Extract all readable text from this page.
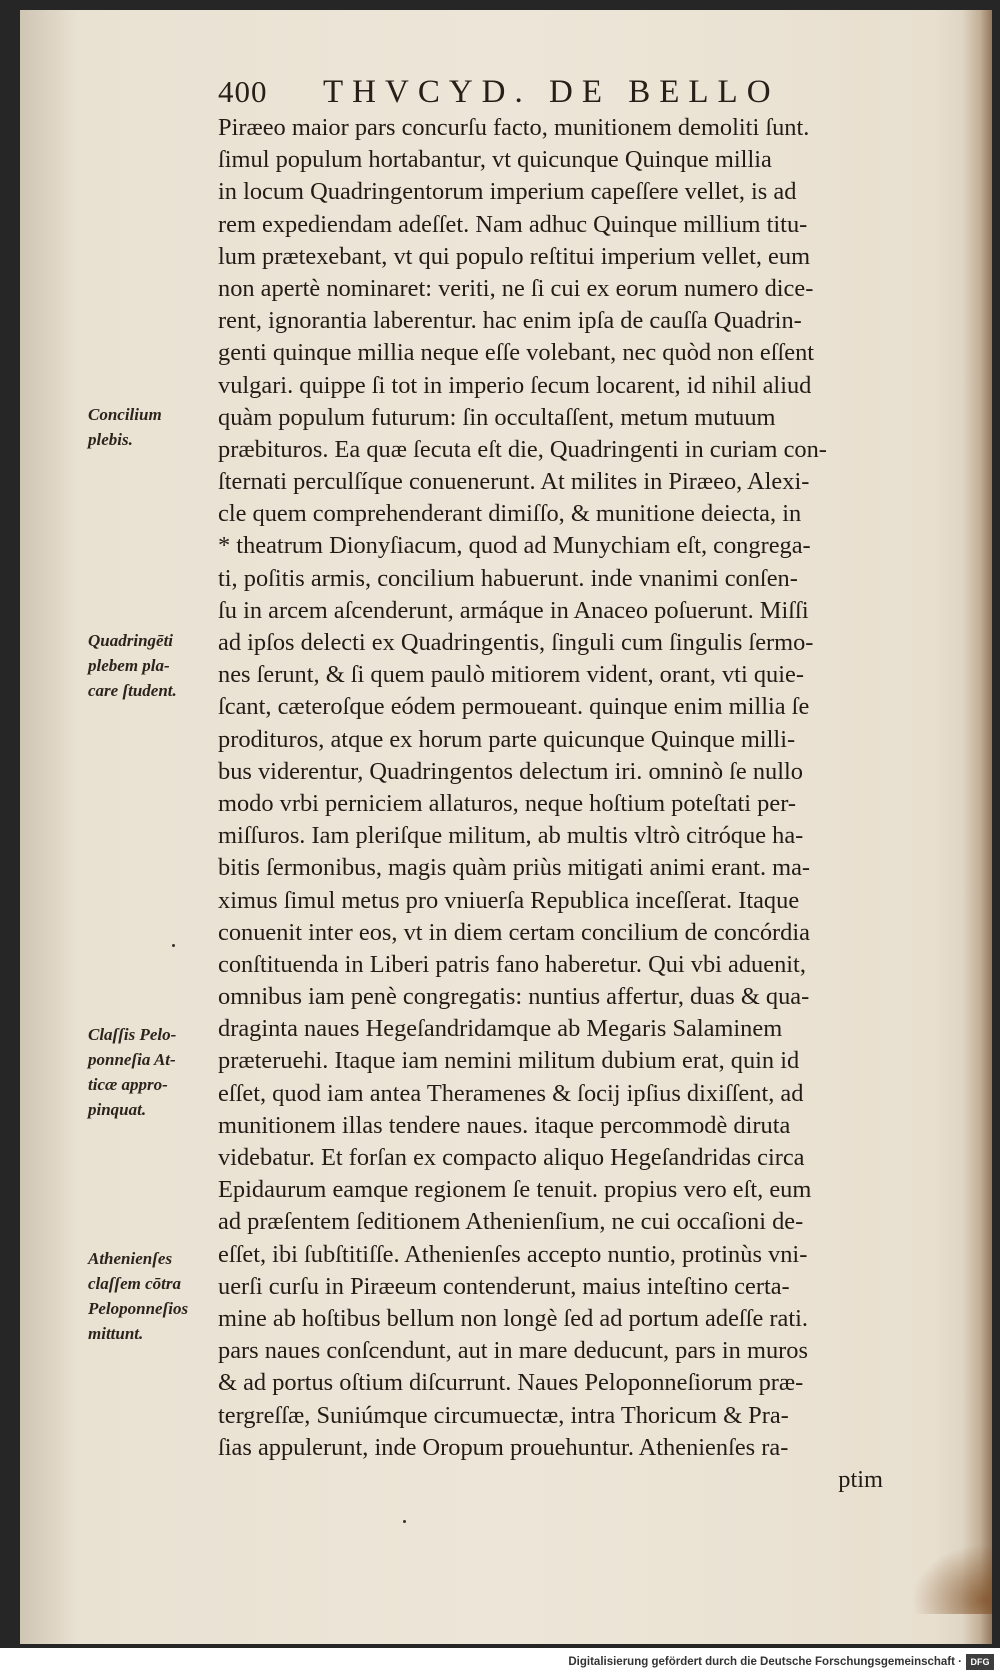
400 THVCYD. DE BELLO
Piræeo maior pars concurſu facto, munitionem demoliti ſunt.
ſimul populum hortabantur, vt quicunque Quinque millia
in locum Quadringentorum imperium capeſſere vellet, is ad
rem expediendam adeſſet. Nam adhuc Quinque millium titu-
lum prætexebant, vt qui populo reſtitui imperium vellet, eum
non apertè nominaret: veriti, ne ſi cui ex eorum numero dice-
rent, ignorantia laberentur. hac enim ipſa de cauſſa Quadrin-
genti quinque millia neque eſſe volebant, nec quòd non eſſent
vulgari. quippe ſi tot in imperio ſecum locarent, id nihil aliud
quàm populum futurum: ſin occultaſſent, metum mutuum
præbituros. Ea quæ ſecuta eſt die, Quadringenti in curiam con-
ſternati perculſíque conuenerunt. At milites in Piræeo, Alexi-
cle quem comprehenderant dimiſſo, & munitione deiecta, in
* theatrum Dionyſiacum, quod ad Munychiam eſt, congrega-
ti, poſitis armis, concilium habuerunt. inde vnanimi conſen-
ſu in arcem aſcenderunt, armáque in Anaceo poſuerunt. Miſſi
ad ipſos delecti ex Quadringentis, ſinguli cum ſingulis ſermo-
nes ſerunt, & ſi quem paulò mitiorem vident, orant, vti quie-
ſcant, cæteroſque eódem permoueant. quinque enim millia ſe
prodituros, atque ex horum parte quicunque Quinque milli-
bus viderentur, Quadringentos delectum iri. omninò ſe nullo
modo vrbi perniciem allaturos, neque hoſtium poteſtati per-
miſſuros. Iam pleriſque militum, ab multis vltrò citróque ha-
bitis ſermonibus, magis quàm priùs mitigati animi erant. ma-
ximus ſimul metus pro vniuerſa Republica inceſſerat. Itaque
conuenit inter eos, vt in diem certam concilium de concórdia
conſtituenda in Liberi patris fano haberetur. Qui vbi aduenit,
omnibus iam penè congregatis: nuntius affertur, duas & qua-
draginta naues Hegeſandridamque ab Megaris Salaminem
præteruehi. Itaque iam nemini militum dubium erat, quin id
eſſet, quod iam antea Theramenes & ſocij ipſius dixiſſent, ad
munitionem illas tendere naues. itaque percommodè diruta
videbatur. Et forſan ex compacto aliquo Hegeſandridas circa
Epidaurum eamque regionem ſe tenuit. propius vero eſt, eum
ad præſentem ſeditionem Athenienſium, ne cui occaſioni de-
eſſet, ibi ſubſtitiſſe. Athenienſes accepto nuntio, protinùs vni-
uerſi curſu in Piræeum contenderunt, maius inteſtino certa-
mine ab hoſtibus bellum non longè ſed ad portum adeſſe rati.
pars naues conſcendunt, aut in mare deducunt, pars in muros
& ad portus oſtium diſcurrunt. Naues Peloponneſiorum præ-
tergreſſæ, Suniúmque circumuectæ, intra Thoricum & Pra-
ſias appulerunt, inde Oropum prouehuntur. Athenienſes ra-
ptim
Concilium
plebis.
Quadringēti
plebem pla-
care ſtudent.
Claſſis Pelo-
ponneſia At-
ticæ appro-
pinquat.
Athenienſes
claſſem cōtra
Peloponneſios
mittunt.
Digitalisierung gefördert durch die Deutsche Forschungsgemeinschaft · DFG
